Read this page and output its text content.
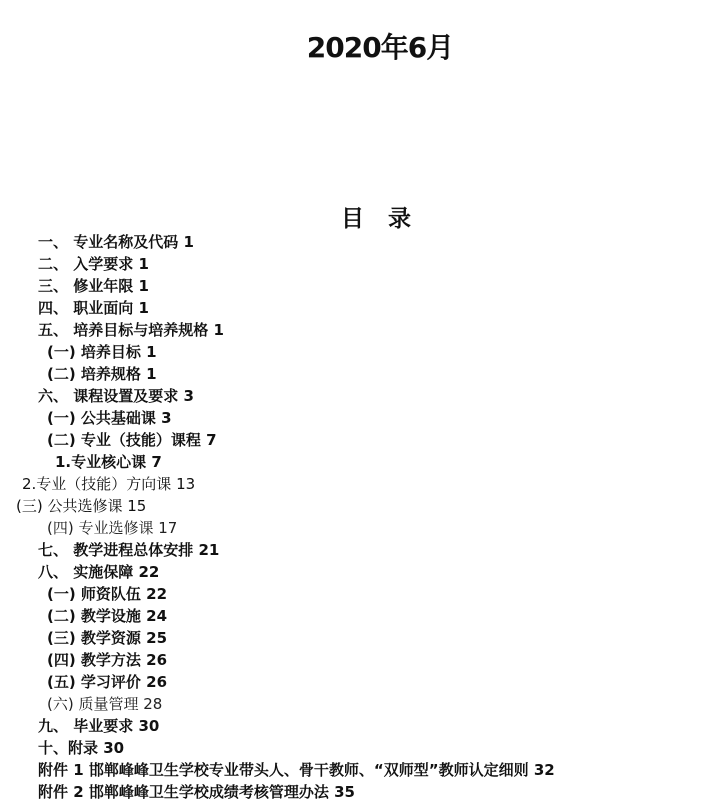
2020年6月
目 录
一、 专业名称及代码 1
二、 入学要求 1
三、 修业年限 1
四、 职业面向 1
五、 培养目标与培养规格 1
(一) 培养目标 1
(二) 培养规格 1
六、 课程设置及要求 3
(一) 公共基础课 3
(二) 专业（技能）课程 7
1.专业核心课 7
2.专业（技能）方向课 13
(三) 公共选修课 15
(四) 专业选修课 17
七、 教学进程总体安排 21
八、 实施保障 22
(一) 师资队伍 22
(二) 教学设施 24
(三) 教学资源 25
(四) 教学方法 26
(五) 学习评价 26
(六) 质量管理 28
九、 毕业要求 30
十、附录 30
附件 1 邯郸峰峰卫生学校专业带头人、骨干教师、“双师型”教师认定细则 32
附件 2 邯郸峰峰卫生学校成绩考核管理办法 35
